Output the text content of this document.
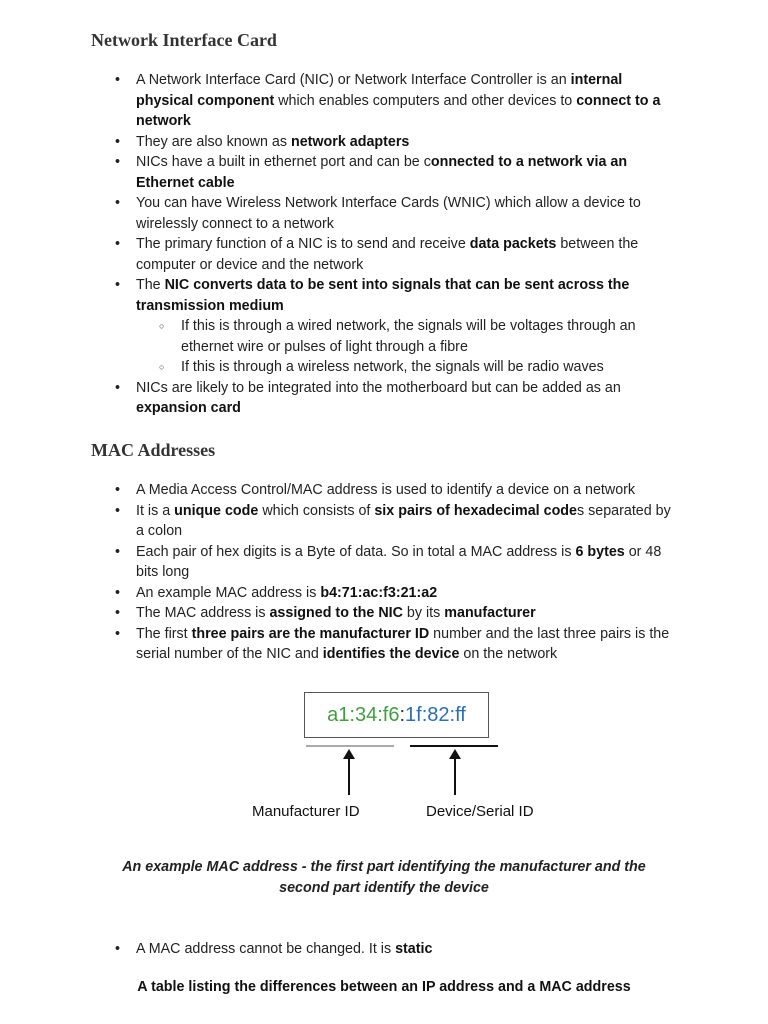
Network Interface Card
• A Network Interface Card (NIC) or Network Interface Controller is an internal physical component which enables computers and other devices to connect to a network
• They are also known as network adapters
• NICs have a built in ethernet port and can be connected to a network via an Ethernet cable
• You can have Wireless Network Interface Cards (WNIC) which allow a device to wirelessly connect to a network
• The primary function of a NIC is to send and receive data packets between the computer or device and the network
• The NIC converts data to be sent into signals that can be sent across the transmission medium
○ If this is through a wired network, the signals will be voltages through an ethernet wire or pulses of light through a fibre
○ If this is through a wireless network, the signals will be radio waves
• NICs are likely to be integrated into the motherboard but can be added as an expansion card
MAC Addresses
• A Media Access Control/MAC address is used to identify a device on a network
• It is a unique code which consists of six pairs of hexadecimal codes separated by a colon
• Each pair of hex digits is a Byte of data. So in total a MAC address is 6 bytes or 48 bits long
• An example MAC address is b4:71:ac:f3:21:a2
• The MAC address is assigned to the NIC by its manufacturer
• The first three pairs are the manufacturer ID number and the last three pairs is the serial number of the NIC and identifies the device on the network
a1:34:f6:1f:82:ff
Manufacturer ID	Device/Serial ID
An example MAC address - the first part identifying the manufacturer and the second part identify the device
• A MAC address cannot be changed. It is static
A table listing the differences between an IP address and a MAC address
